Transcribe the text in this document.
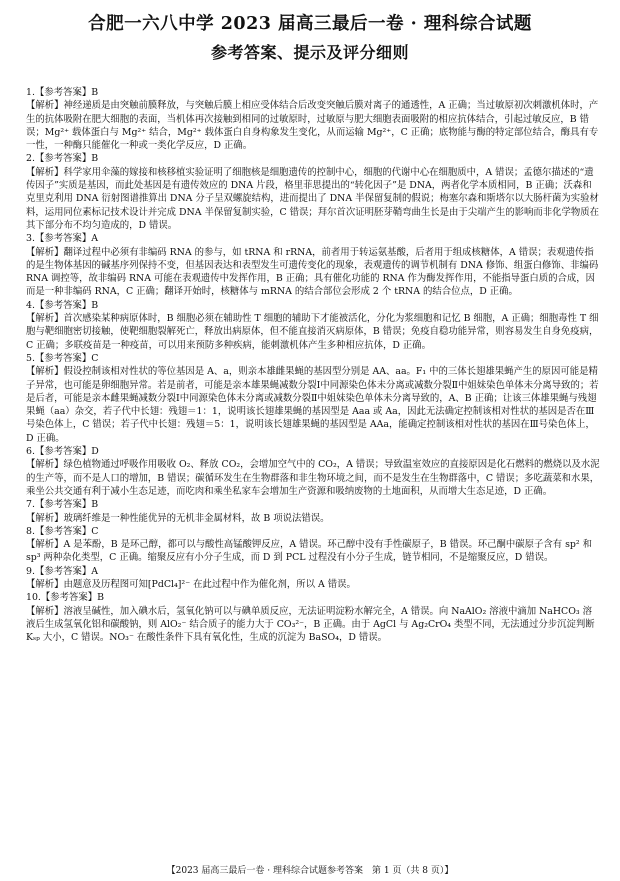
合肥一六八中学 2023 届高三最后一卷 · 理科综合试题
参考答案、提示及评分细则

1.【参考答案】B

【解析】神经递质是由突触前膜释放，与突触后膜上相应受体结合后改变突触后膜对离子的通透性，A 正确；当过敏原初次刺激机体时，产生的抗体吸附在肥大细胞的表面，当机体再次接触到相同的过敏原时，过敏原与肥大细胞表面吸附的相应抗体结合，引起过敏反应，B 错误；Mg²⁺ 载体蛋白与 Mg²⁺ 结合，Mg²⁺ 载体蛋白自身构象发生变化，从而运输 Mg²⁺，C 正确；底物能与酶的特定部位结合，酶具有专一性，一种酶只能催化一种或一类化学反应，D 正确。

2.【参考答案】B

【解析】科学家用伞藻的嫁接和核移植实验证明了细胞核是细胞遗传的控制中心，细胞的代谢中心在细胞质中，A 错误；孟德尔描述的“遗传因子”实质是基因，而此处基因是有遗传效应的 DNA 片段，格里菲思提出的“转化因子”是 DNA，两者化学本质相同，B 正确；沃森和克里克利用 DNA 衍射图谱推算出 DNA 分子呈双螺旋结构，进而提出了 DNA 半保留复制的假说；梅塞尔森和斯塔尔以大肠杆菌为实验材料，运用同位素标记技术设计并完成 DNA 半保留复制实验，C 错误；拜尔首次证明胚芽鞘弯曲生长是由于尖端产生的影响而非化学物质在其下部分布不均匀造成的，D 错误。

3.【参考答案】A

【解析】翻译过程中必须有非编码 RNA 的参与，如 tRNA 和 rRNA，前者用于转运氨基酸，后者用于组成核糖体，A 错误；表观遗传指的是生物体基因的碱基序列保持不变，但基因表达和表型发生可遗传变化的现象，表观遗传的调节机制有 DNA 修饰、组蛋白修饰、非编码 RNA 调控等，故非编码 RNA 可能在表观遗传中发挥作用，B 正确；具有催化功能的 RNA 作为酶发挥作用，不能指导蛋白质的合成，因而是一种非编码 RNA，C 正确；翻译开始时，核糖体与 mRNA 的结合部位会形成 2 个 tRNA 的结合位点，D 正确。

4.【参考答案】B

【解析】首次感染某种病原体时，B 细胞必须在辅助性 T 细胞的辅助下才能被活化，分化为浆细胞和记忆 B 细胞，A 正确；细胞毒性 T 细胞与靶细胞密切接触，使靶细胞裂解死亡，释放出病原体，但不能直接消灭病原体，B 错误；免疫自稳功能异常，则容易发生自身免疫病，C 正确；多联疫苗是一种疫苗，可以用来预防多种疾病，能刺激机体产生多种相应抗体，D 正确。

5.【参考答案】C

【解析】假设控制该相对性状的等位基因是 A、a，则亲本雄雌果蝇的基因型分别是 AA、aa。F₁ 中的三体长翅雄果蝇产生的原因可能是精子异常，也可能是卵细胞异常。若是前者，可能是亲本雄果蝇减数分裂Ⅰ中同源染色体未分离或减数分裂Ⅱ中姐妹染色单体未分离导致的；若是后者，可能是亲本雌果蝇减数分裂Ⅰ中同源染色体未分离或减数分裂Ⅱ中姐妹染色单体未分离导致的，A、B 正确；让该三体雄果蝇与残翅果蝇（aa）杂交，若子代中长翅：残翅＝1：1，说明该长翅雄果蝇的基因型是 Aaa 或 Aa，因此无法确定控制该相对性状的基因是否在Ⅲ号染色体上，C 错误；若子代中长翅：残翅＝5：1，说明该长翅雄果蝇的基因型是 AAa，能确定控制该相对性状的基因在Ⅲ号染色体上，D 正确。

6.【参考答案】D

【解析】绿色植物通过呼吸作用吸收 O₂、释放 CO₂，会增加空气中的 CO₂，A 错误；导致温室效应的直接原因是化石燃料的燃烧以及水泥的生产等，而不是人口的增加，B 错误；碳循环发生在生物群落和非生物环境之间，而不是发生在生物群落中，C 错误；多吃蔬菜和水果，乘坐公共交通有利于减小生态足迹，而吃肉和乘坐私家车会增加生产资源和吸纳废物的土地面积，从而增大生态足迹，D 正确。

7.【参考答案】B

【解析】玻璃纤维是一种性能优异的无机非金属材料，故 B 项说法错误。

8.【参考答案】C

【解析】A 是苯酚，B 是环己醇，都可以与酸性高锰酸钾反应，A 错误。环己醇中没有手性碳原子，B 错误。环己酮中碳原子含有 sp² 和 sp³ 两种杂化类型，C 正确。缩聚反应有小分子生成，而 D 到 PCL 过程没有小分子生成，链节相同，不是缩聚反应，D 错误。

9.【参考答案】A

【解析】由题意及历程图可知[PdCl₄]²⁻ 在此过程中作为催化剂，所以 A 错误。

10.【参考答案】B

【解析】溶液呈碱性，加入碘水后，氢氧化钠可以与碘单质反应，无法证明淀粉水解完全，A 错误。向 NaAlO₂ 溶液中滴加 NaHCO₃ 溶液后生成氢氧化铝和碳酸钠，则 AlO₂⁻ 结合质子的能力大于 CO₃²⁻，B 正确。由于 AgCl 与 Ag₂CrO₄ 类型不同，无法通过分步沉淀判断 Kₛₚ 大小，C 错误。NO₃⁻ 在酸性条件下具有氧化性，生成的沉淀为 BaSO₄，D 错误。

【2023 届高三最后一卷 · 理科综合试题参考答案　第 1 页（共 8 页）】
